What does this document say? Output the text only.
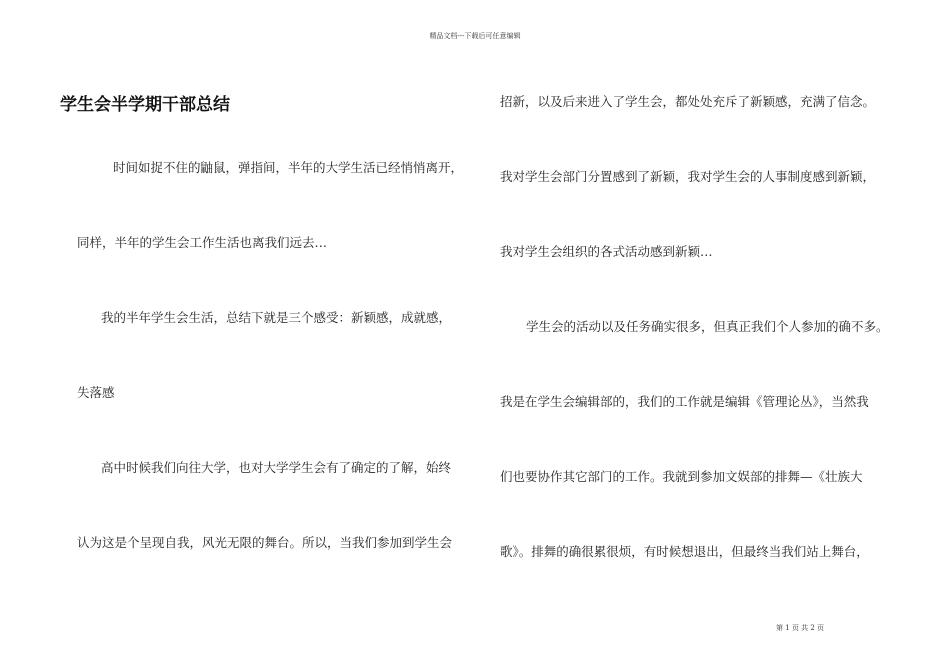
精品文档---下载后可任意编辑
学生会半学期干部总结
时间如捉不住的鼬鼠，弹指间，半年的大学生活已经悄悄离开，
同样，半年的学生会工作生活也离我们远去…
我的半年学生会生活，总结下就是三个感受：新颖感，成就感，
失落感
高中时候我们向往大学，也对大学学生会有了确定的了解，始终
认为这是个呈现自我，风光无限的舞台。所以，当我们参加到学生会
招新，以及后来进入了学生会，都处处充斥了新颖感，充满了信念。
我对学生会部门分置感到了新颖，我对学生会的人事制度感到新颖，
我对学生会组织的各式活动感到新颖…
学生会的活动以及任务确实很多，但真正我们个人参加的确不多。
我是在学生会编辑部的，我们的工作就是编辑《管理论丛》，当然我
们也要协作其它部门的工作。我就到参加文娱部的排舞—《壮族大
歌》。排舞的确很累很烦，有时候想退出，但最终当我们站上舞台，
第 1 页 共 2 页
